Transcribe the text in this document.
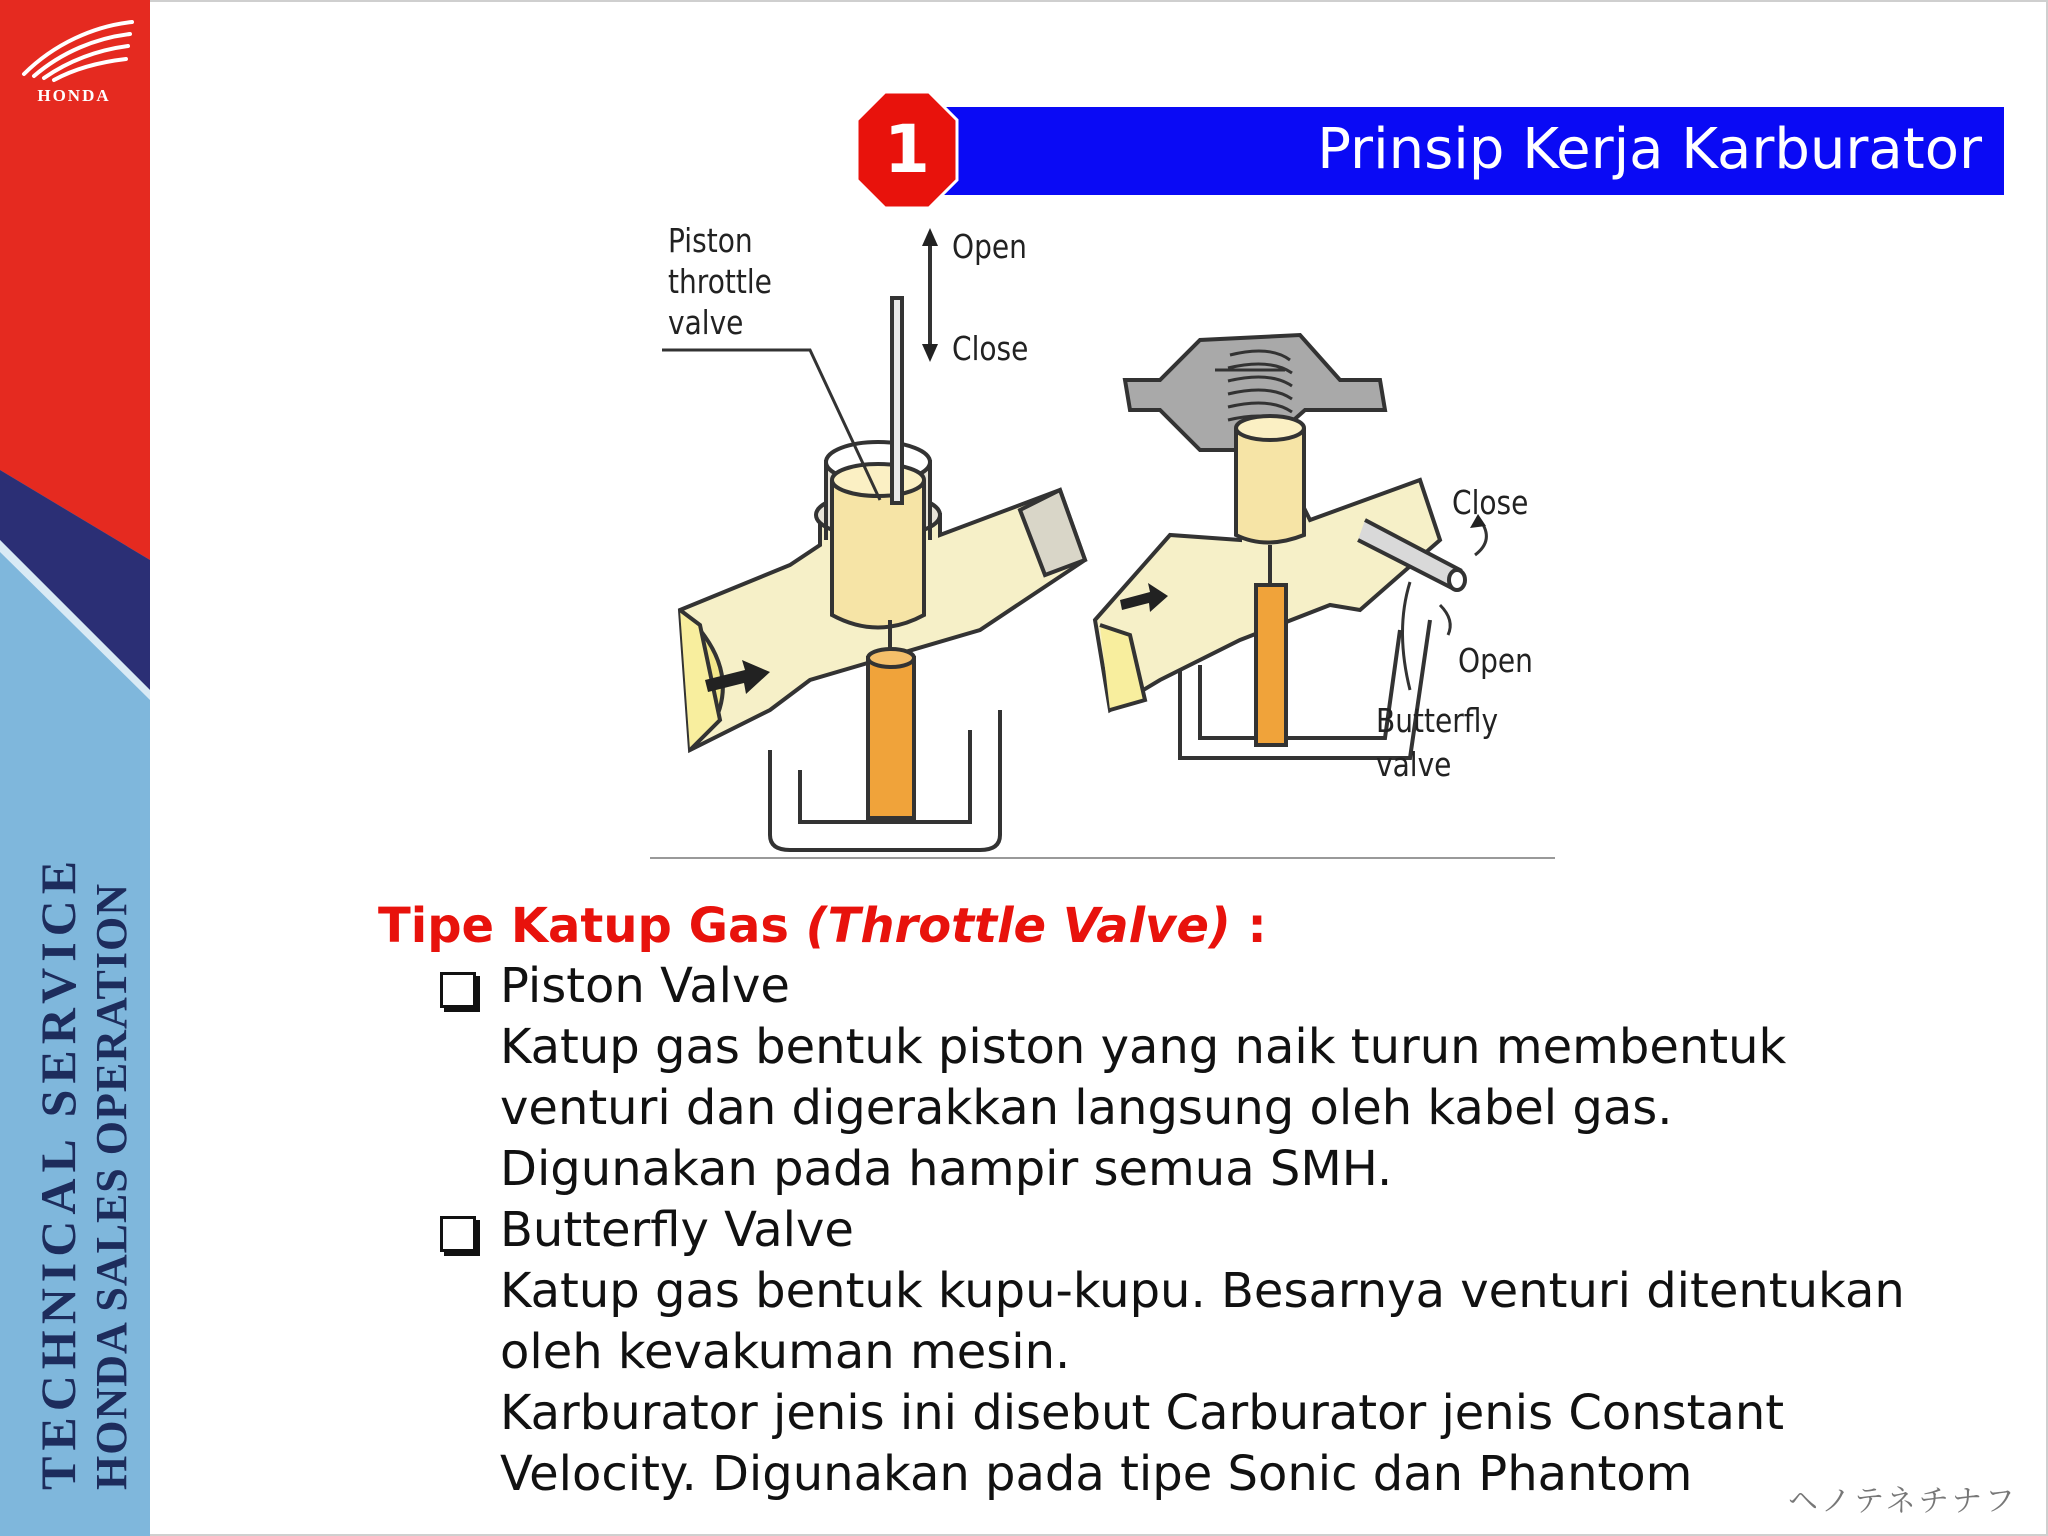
HONDA
TECHNICAL SERVICE HONDA SALES OPERATION
Prinsip Kerja Karburator
1
Piston
throttle
valve
Open
Close
Close
Open
Butterfly
valve
Tipe Katup Gas (Throttle Valve) :

Piston Valve

Katup gas bentuk piston yang naik turun membentuk

venturi dan digerakkan langsung oleh kabel gas.

Digunakan pada hampir semua SMH.

Butterfly Valve

Katup gas bentuk kupu-kupu. Besarnya venturi ditentukan

oleh kevakuman mesin.

Karburator jenis ini disebut Carburator jenis Constant

Velocity. Digunakan pada tipe Sonic dan Phantom	ヘノテネチナフ
